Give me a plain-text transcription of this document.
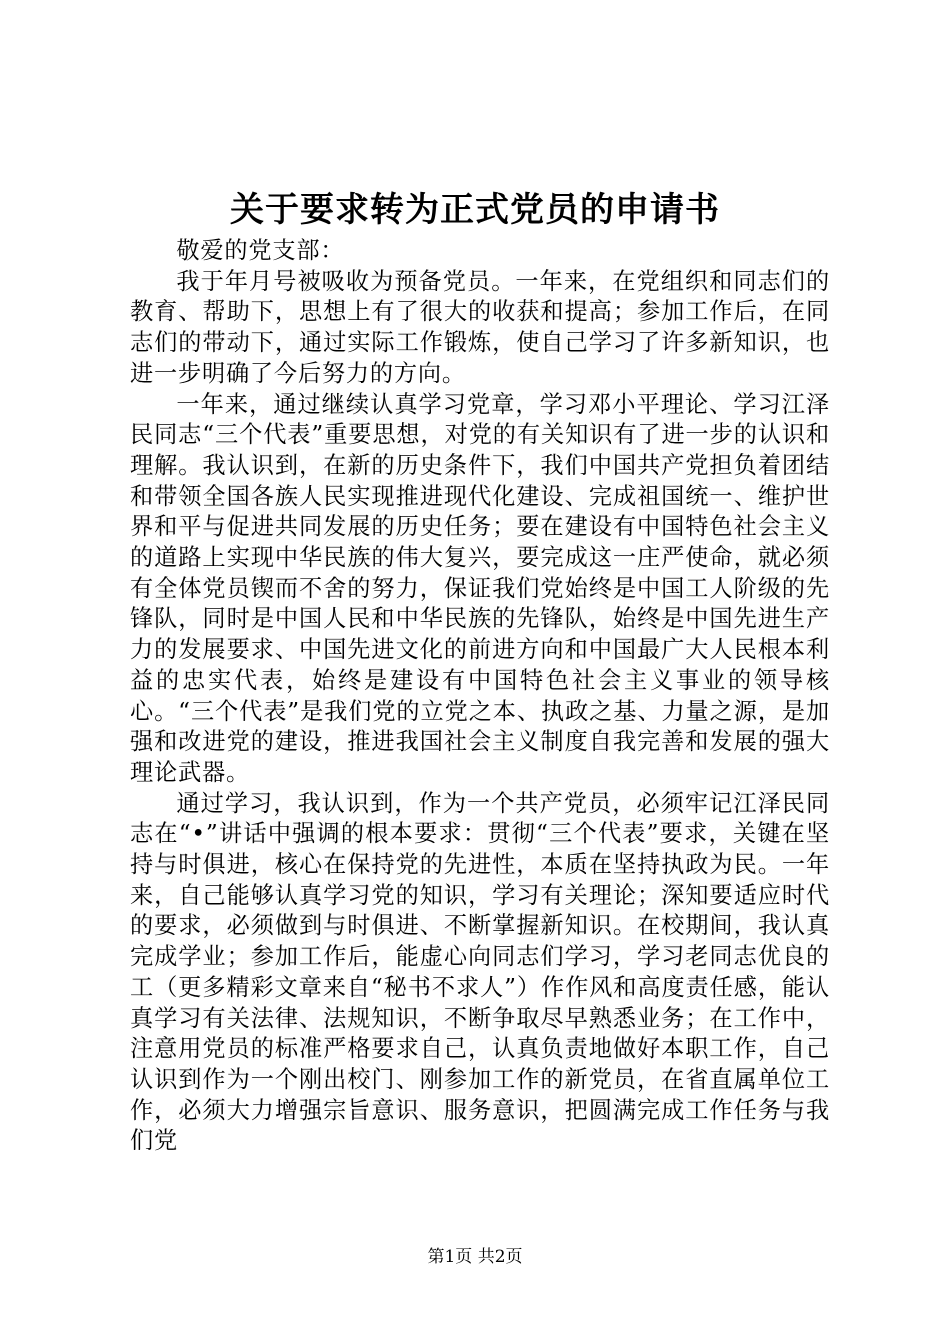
关于要求转为正式党员的申请书

敬爱的党支部：

我于年月号被吸收为预备党员。一年来，在党组织和同志们的教育、帮助下，思想上有了很大的收获和提高；参加工作后，在同志们的带动下，通过实际工作锻炼，使自己学习了许多新知识，也进一步明确了今后努力的方向。

一年来，通过继续认真学习党章，学习邓小平理论、学习江泽民同志“三个代表”重要思想，对党的有关知识有了进一步的认识和理解。我认识到，在新的历史条件下，我们中国共产党担负着团结和带领全国各族人民实现推进现代化建设、完成祖国统一、维护世界和平与促进共同发展的历史任务；要在建设有中国特色社会主义的道路上实现中华民族的伟大复兴，要完成这一庄严使命，就必须有全体党员锲而不舍的努力，保证我们党始终是中国工人阶级的先锋队，同时是中国人民和中华民族的先锋队，始终是中国先进生产力的发展要求、中国先进文化的前进方向和中国最广大人民根本利益的忠实代表，始终是建设有中国特色社会主义事业的领导核心。“三个代表”是我们党的立党之本、执政之基、力量之源，是加强和改进党的建设，推进我国社会主义制度自我完善和发展的强大理论武器。

通过学习，我认识到，作为一个共产党员，必须牢记江泽民同志在“•”讲话中强调的根本要求：贯彻“三个代表”要求，关键在坚持与时俱进，核心在保持党的先进性，本质在坚持执政为民。一年来，自己能够认真学习党的知识，学习有关理论；深知要适应时代的要求，必须做到与时俱进、不断掌握新知识。在校期间，我认真完成学业；参加工作后，能虚心向同志们学习，学习老同志优良的工（更多精彩文章来自“秘书不求人”）作作风和高度责任感，能认真学习有关法律、法规知识，不断争取尽早熟悉业务；在工作中，注意用党员的标准严格要求自己，认真负责地做好本职工作，自己认识到作为一个刚出校门、刚参加工作的新党员，在省直属单位工作，必须大力增强宗旨意识、服务意识，把圆满完成工作任务与我们党

第1页 共2页
